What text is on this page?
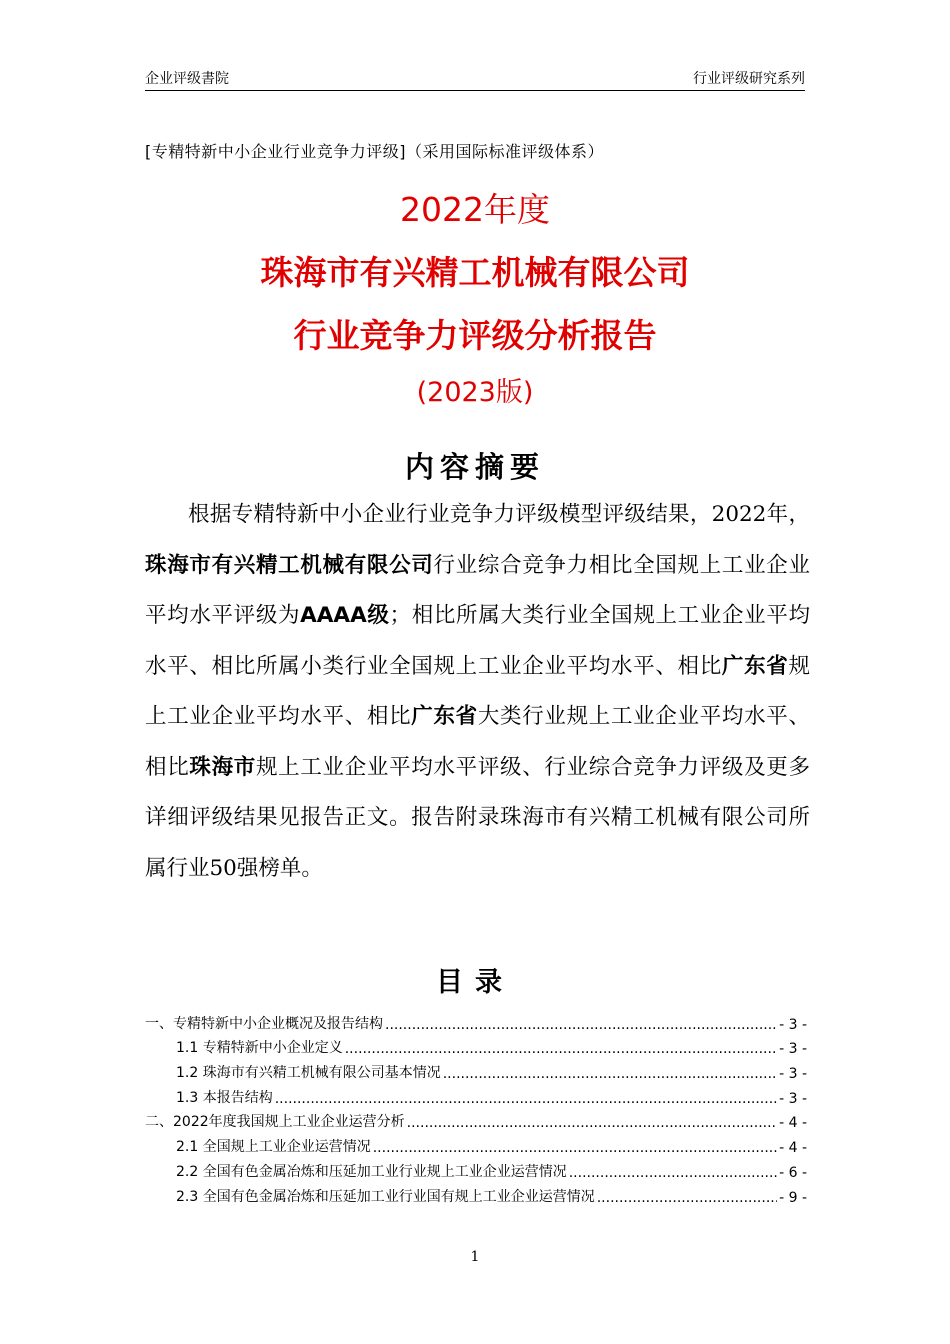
企业评级書院	行业评级研究系列
[专精特新中小企业行业竞争力评级]（采用国际标准评级体系）
2022年度
珠海市有兴精工机械有限公司
行业竞争力评级分析报告
(2023版)
内容摘要
根据专精特新中小企业行业竞争力评级模型评级结果，2022年，珠海市有兴精工机械有限公司行业综合竞争力相比全国规上工业企业平均水平评级为AAAA级；相比所属大类行业全国规上工业企业平均水平、相比所属小类行业全国规上工业企业平均水平、相比广东省规上工业企业平均水平、相比广东省大类行业规上工业企业平均水平、相比珠海市规上工业企业平均水平评级、行业综合竞争力评级及更多详细评级结果见报告正文。报告附录珠海市有兴精工机械有限公司所属行业50强榜单。
目录
一、专精特新中小企业概况及报告结构 .....	- 3 -
1.1 专精特新中小企业定义 .....	- 3 -
1.2 珠海市有兴精工机械有限公司基本情况 .....	- 3 -
1.3 本报告结构 .....	- 3 -
二、2022年度我国规上工业企业运营分析 .....	- 4 -
2.1 全国规上工业企业运营情况 .....	- 4 -
2.2 全国有色金属冶炼和压延加工业行业规上工业企业运营情况 .....	- 6 -
2.3 全国有色金属冶炼和压延加工业行业国有规上工业企业运营情况 .....	- 9 -
1
